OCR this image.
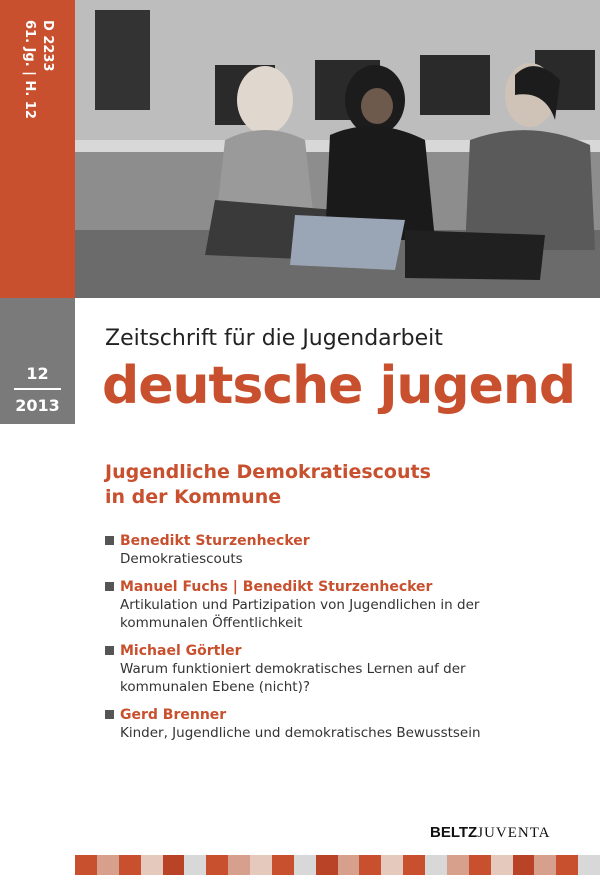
61. Jg. | H. 12 D 2233
12
2013
Zeitschrift für die Jugendarbeit
deutsche jugend
Jugendliche Demokratiescouts
in der Kommune
Benedikt Sturzenhecker
Demokratiescouts
Manuel Fuchs | Benedikt Sturzenhecker
Artikulation und Partizipation von Jugendlichen in der
kommunalen Öffentlichkeit
Michael Görtler
Warum funktioniert demokratisches Lernen auf der
kommunalen Ebene (nicht)?
Gerd Brenner
Kinder, Jugendliche und demokratisches Bewusstsein
BELTZJUVENTA
